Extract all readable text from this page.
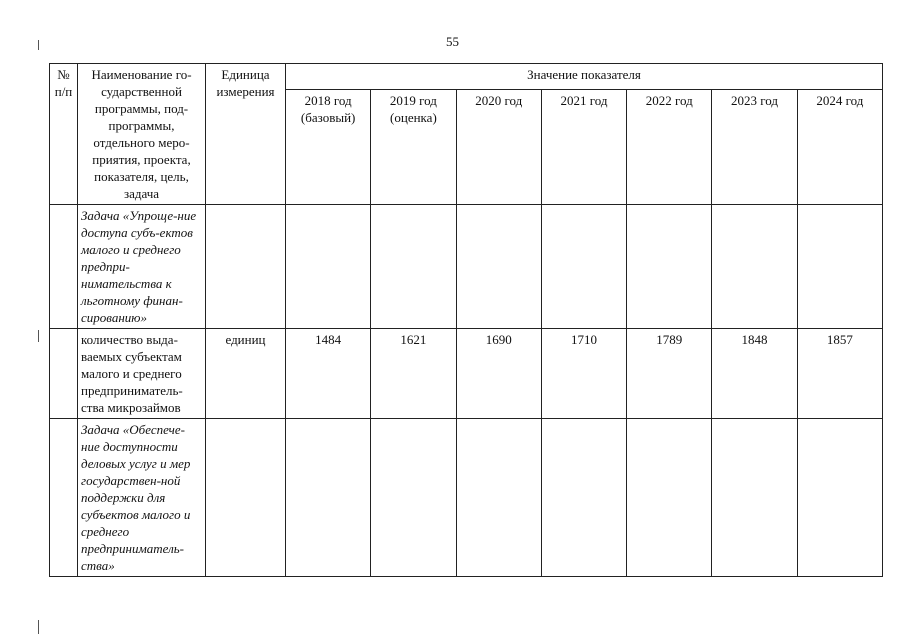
55
№ п/п	Наименование го-сударственной программы, под-программы, отдельного меро-приятия, проекта, показателя, цель, задача	Единица измерения	Значение показателя						
			2018 год (базовый)	2019 год (оценка)	2020 год	2021 год	2022 год	2023 год	2024 год
	Задача «Упроще-ние доступа субъ-ектов малого и среднего предпри-нимательства к льготному финан-сированию»								
	количество выда-ваемых субъектам малого и среднего предприниматель-ства микрозаймов	единиц	1484	1621	1690	1710	1789	1848	1857
	Задача «Обеспече-ние доступности деловых услуг и мер государствен-ной поддержки для субъектов малого и среднего предприниматель-ства»								
